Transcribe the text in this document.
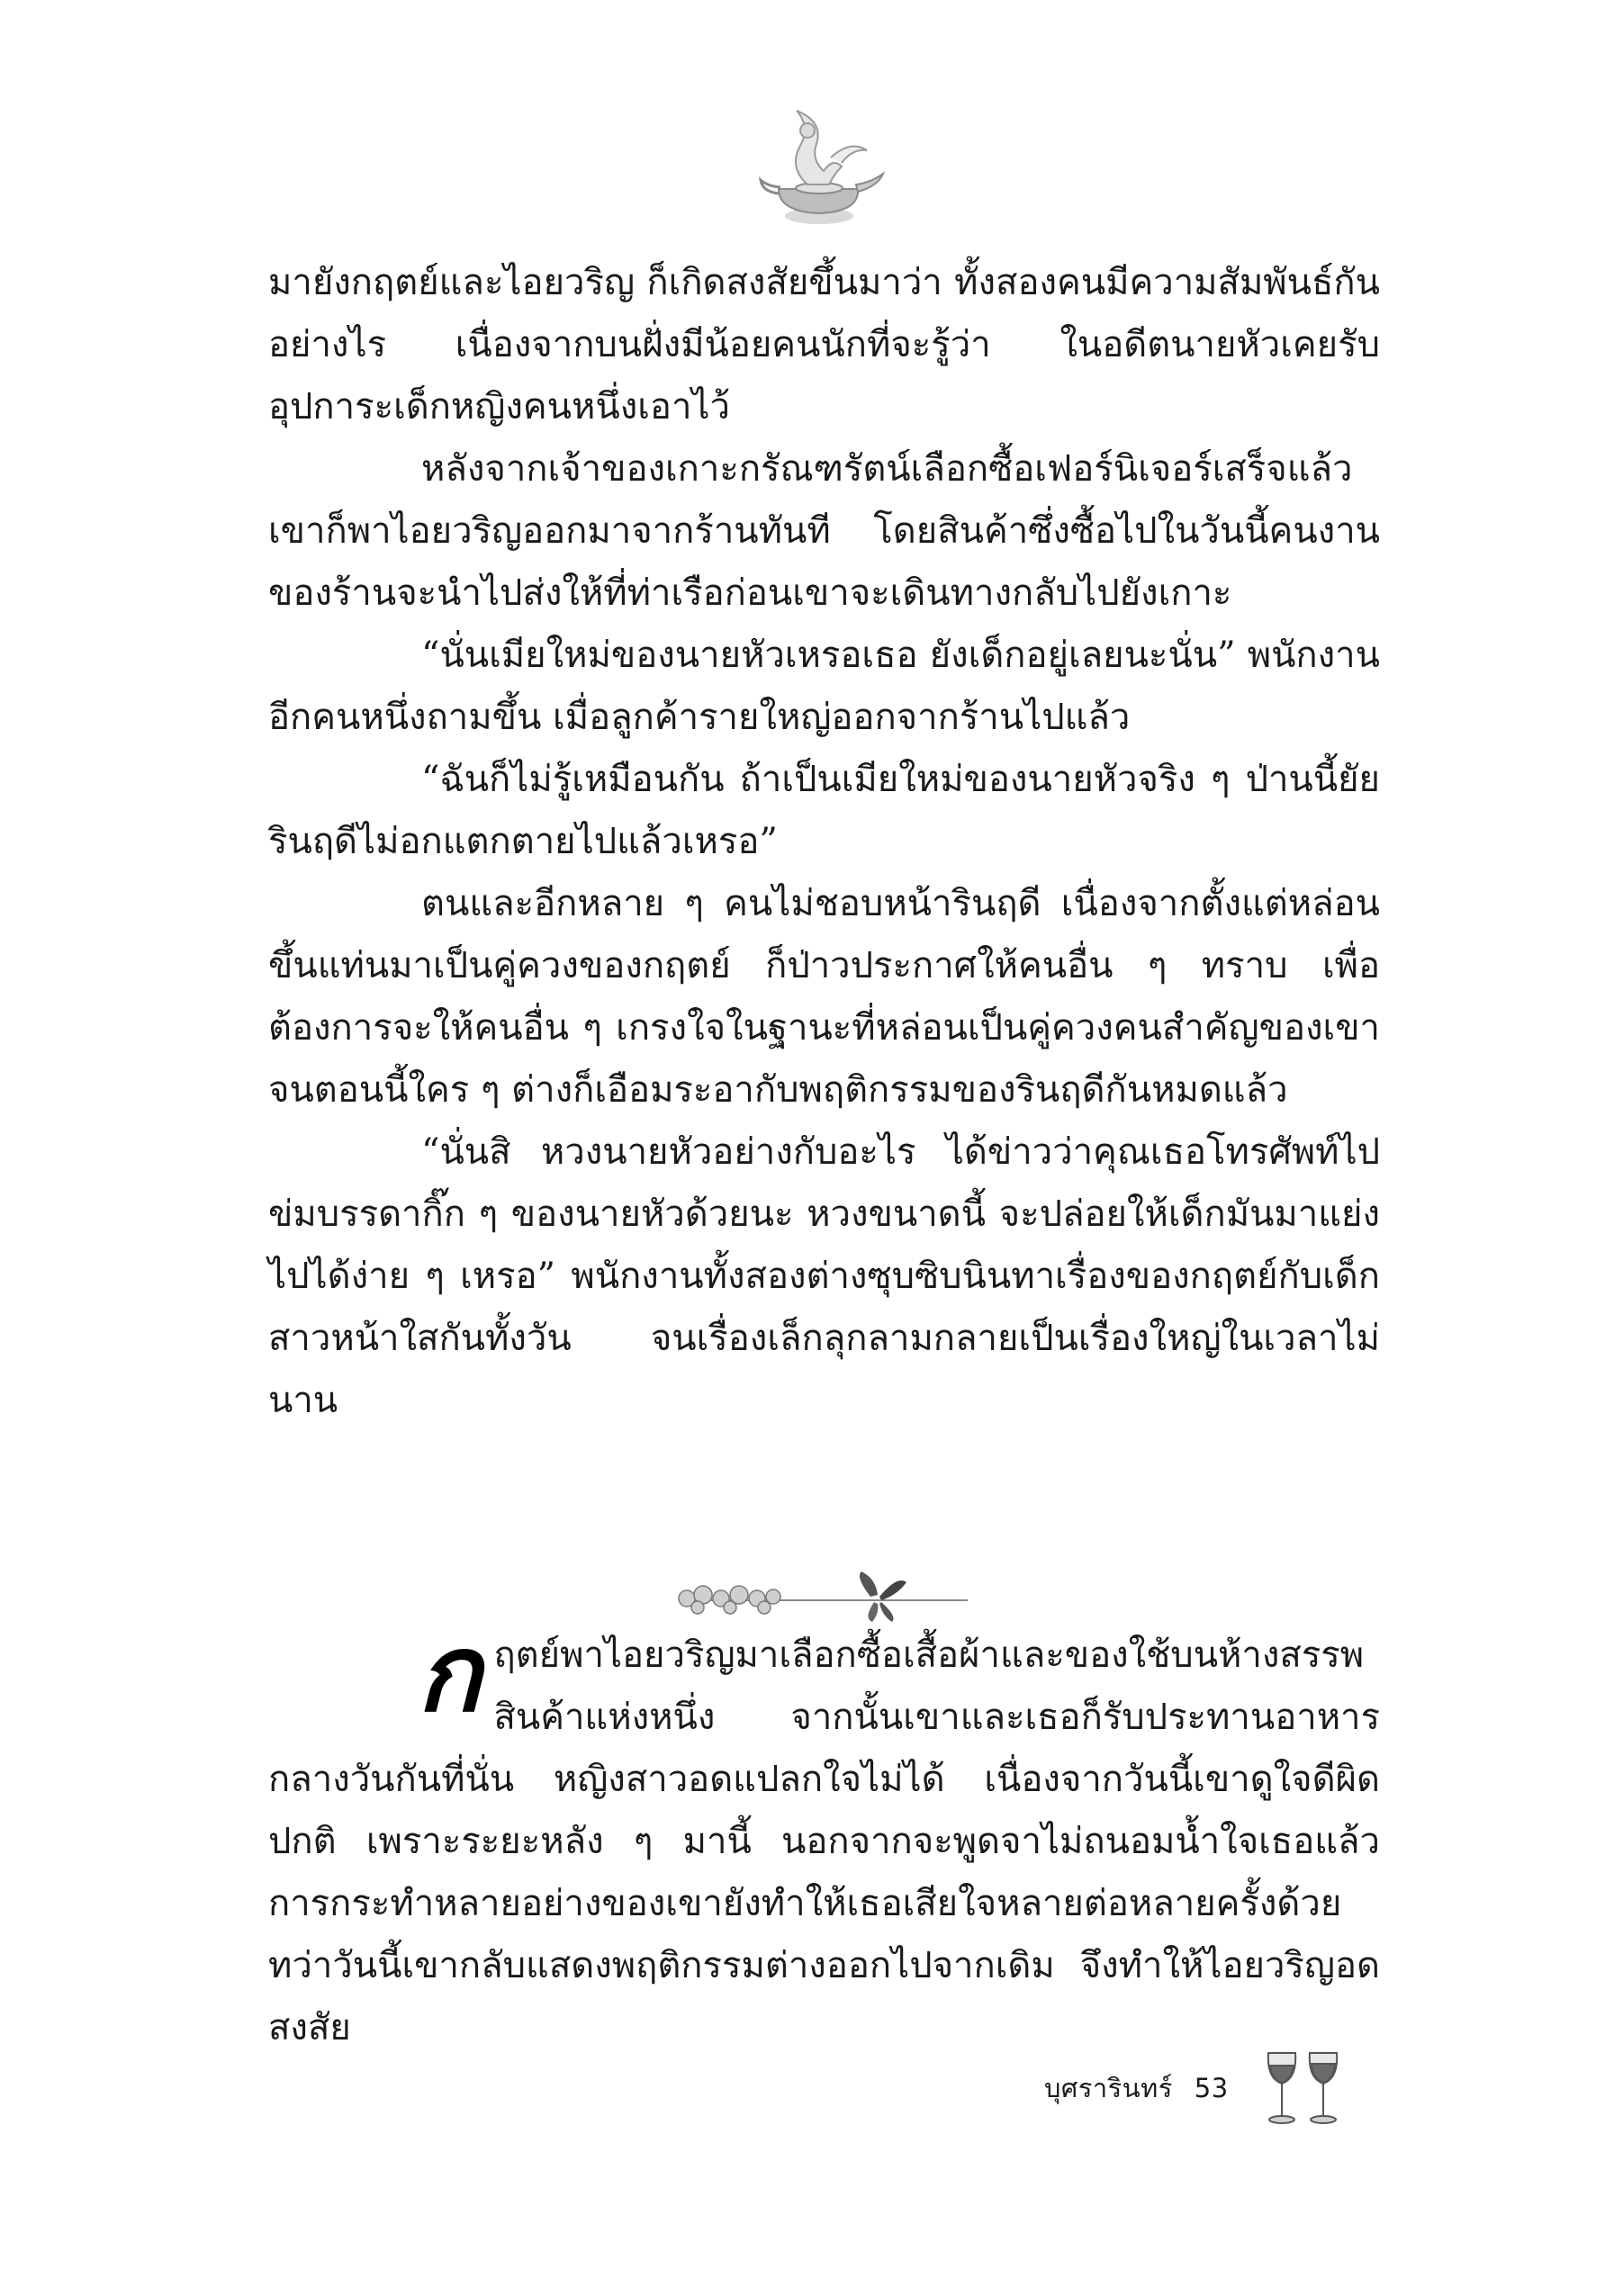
มายังกฤตย์และไอยวริญ ก็เกิดสงสัยขึ้นมาว่า ทั้งสองคนมีความสัมพันธ์กันอย่างไร เนื่องจากบนฝั่งมีน้อยคนนักที่จะรู้ว่า ในอดีตนายหัวเคยรับอุปการะเด็กหญิงคนหนึ่งเอาไว้

หลังจากเจ้าของเกาะกรัณฑรัตน์เลือกซื้อเฟอร์นิเจอร์เสร็จแล้ว เขาก็พาไอยวริญออกมาจากร้านทันที โดยสินค้าซึ่งซื้อไปในวันนี้คนงานของร้านจะนำไปส่งให้ที่ท่าเรือก่อนเขาจะเดินทางกลับไปยังเกาะ

“นั่นเมียใหม่ของนายหัวเหรอเธอ ยังเด็กอยู่เลยนะนั่น” พนักงานอีกคนหนึ่งถามขึ้น เมื่อลูกค้ารายใหญ่ออกจากร้านไปแล้ว

“ฉันก็ไม่รู้เหมือนกัน ถ้าเป็นเมียใหม่ของนายหัวจริง ๆ ป่านนี้ยัยรินฤดีไม่อกแตกตายไปแล้วเหรอ”

ตนและอีกหลาย ๆ คนไม่ชอบหน้ารินฤดี เนื่องจากตั้งแต่หล่อนขึ้นแท่นมาเป็นคู่ควงของกฤตย์ ก็ป่าวประกาศให้คนอื่น ๆ ทราบ เพื่อต้องการจะให้คนอื่น ๆ เกรงใจในฐานะที่หล่อนเป็นคู่ควงคนสำคัญของเขา จนตอนนี้ใคร ๆ ต่างก็เอือมระอากับพฤติกรรมของรินฤดีกันหมดแล้ว

“นั่นสิ หวงนายหัวอย่างกับอะไร ได้ข่าวว่าคุณเธอโทรศัพท์ไปข่มบรรดากิ๊ก ๆ ของนายหัวด้วยนะ หวงขนาดนี้ จะปล่อยให้เด็กมันมาแย่งไปได้ง่าย ๆ เหรอ” พนักงานทั้งสองต่างซุบซิบนินทาเรื่องของกฤตย์กับเด็กสาวหน้าใสกันทั้งวัน จนเรื่องเล็กลุกลามกลายเป็นเรื่องใหญ่ในเวลาไม่นาน

กฤตย์พาไอยวริญมาเลือกซื้อเสื้อผ้าและของใช้บนห้างสรรพสินค้าแห่งหนึ่ง จากนั้นเขาและเธอก็รับประทานอาหารกลางวันกันที่นั่น หญิงสาวอดแปลกใจไม่ได้ เนื่องจากวันนี้เขาดูใจดีผิดปกติ เพราะระยะหลัง ๆ มานี้ นอกจากจะพูดจาไม่ถนอมน้ำใจเธอแล้ว การกระทำหลายอย่างของเขายังทำให้เธอเสียใจหลายต่อหลายครั้งด้วย ทว่าวันนี้เขากลับแสดงพฤติกรรมต่างออกไปจากเดิม จึงทำให้ไอยวริญอดสงสัย

บุศรารินทร์ 53
